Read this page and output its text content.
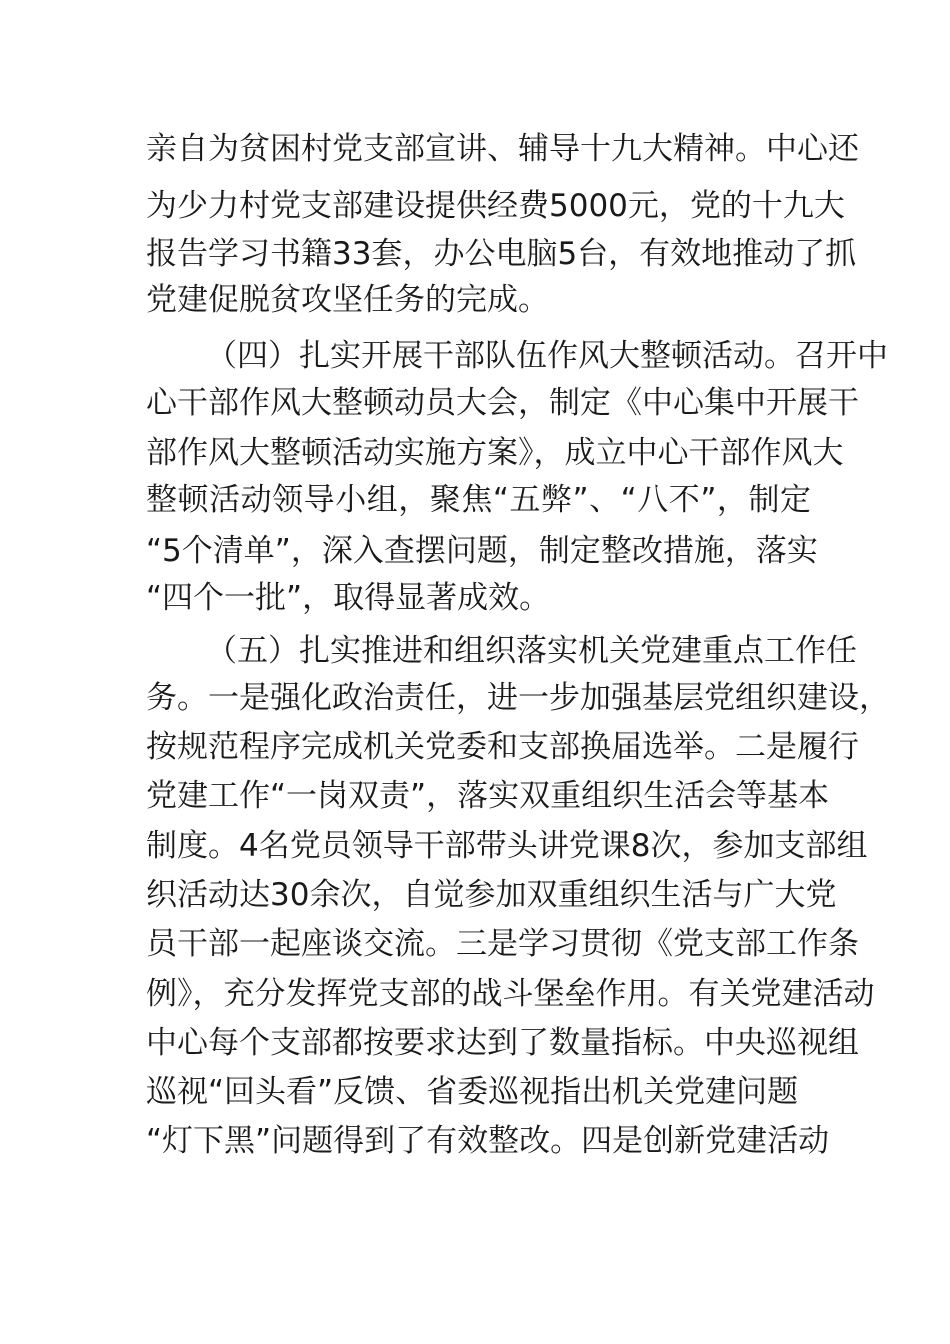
亲自为贫困村党支部宣讲、辅导十九大精神。中心还
为少力村党支部建设提供经费5000元，党的十九大
报告学习书籍33套，办公电脑5台，有效地推动了抓
党建促脱贫攻坚任务的完成。
（四）扎实开展干部队伍作风大整顿活动。召开中
心干部作风大整顿动员大会，制定《中心集中开展干
部作风大整顿活动实施方案》，成立中心干部作风大
整顿活动领导小组，聚焦“五弊”、“八不”，制定
“5个清单”，深入查摆问题，制定整改措施，落实
“四个一批”，取得显著成效。
（五）扎实推进和组织落实机关党建重点工作任
务。一是强化政治责任，进一步加强基层党组织建设，
按规范程序完成机关党委和支部换届选举。二是履行
党建工作“一岗双责”，落实双重组织生活会等基本
制度。4名党员领导干部带头讲党课8次，参加支部组
织活动达30余次，自觉参加双重组织生活与广大党
员干部一起座谈交流。三是学习贯彻《党支部工作条
例》，充分发挥党支部的战斗堡垒作用。有关党建活动
中心每个支部都按要求达到了数量指标。中央巡视组
巡视“回头看”反馈、省委巡视指出机关党建问题
“灯下黑”问题得到了有效整改。四是创新党建活动
